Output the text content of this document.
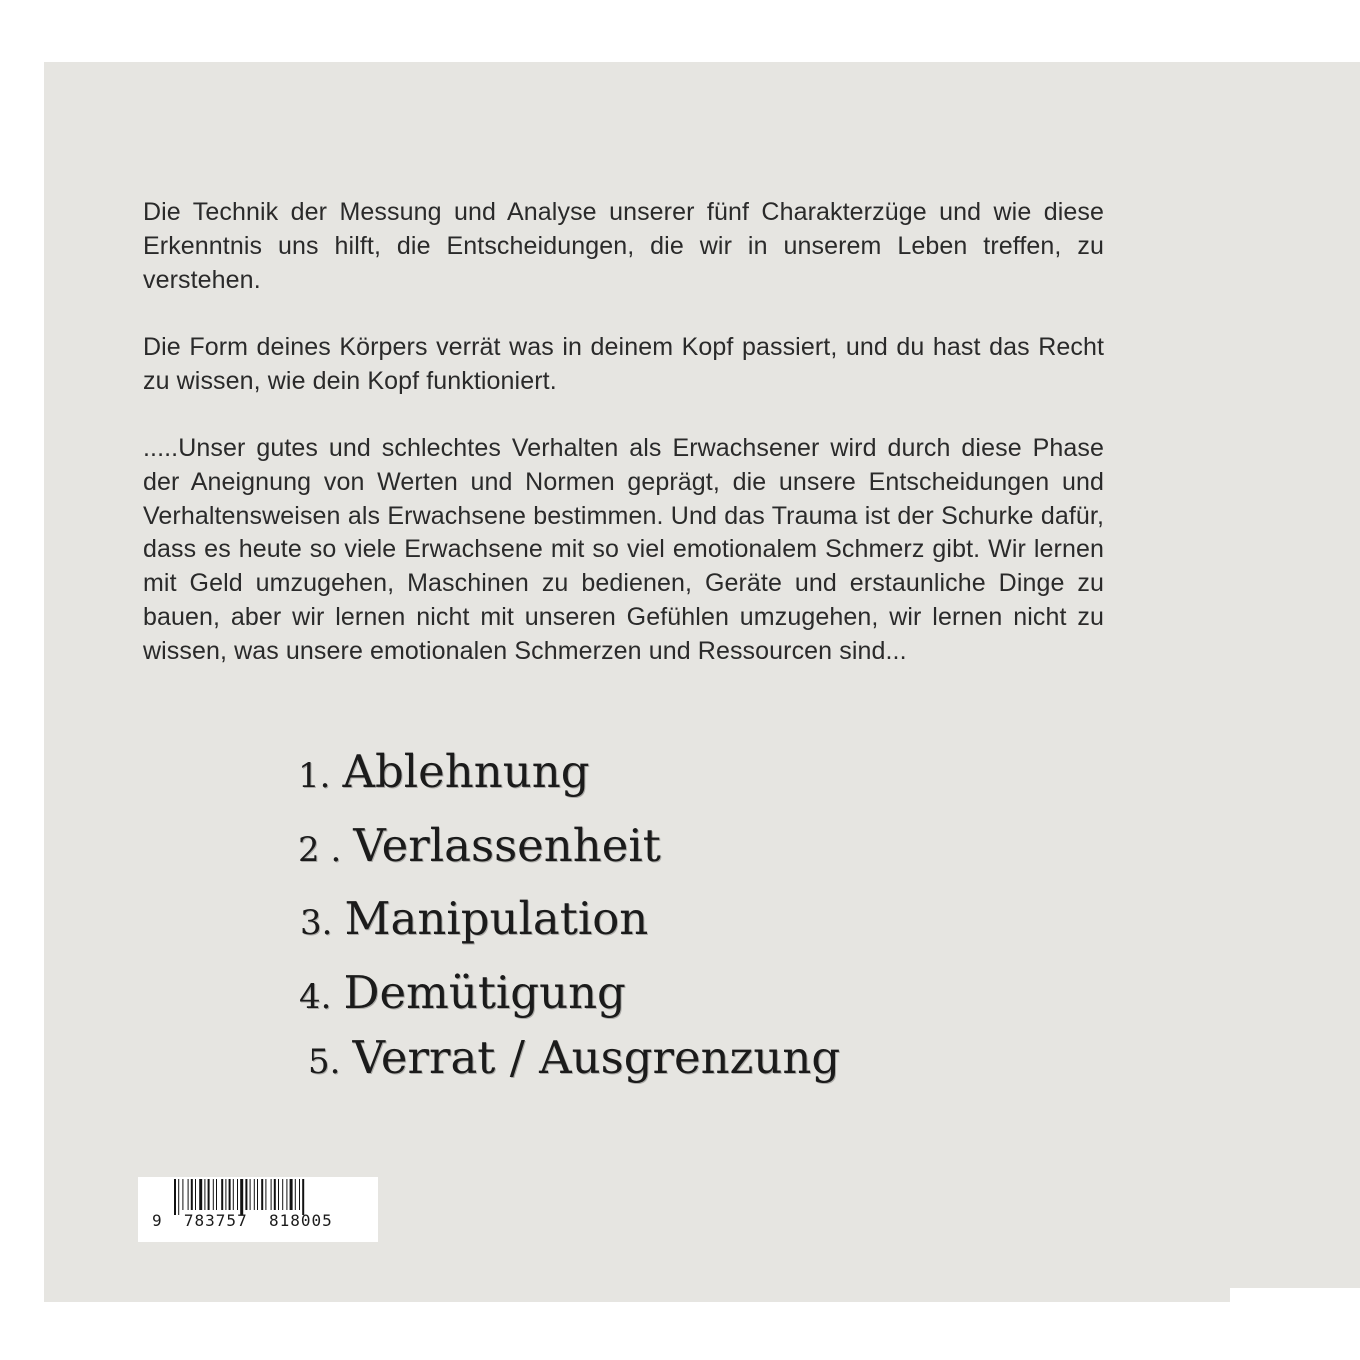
Die Technik der Messung und Analyse unserer fünf Charakterzüge und wie diese Erkenntnis uns hilft, die Entscheidungen, die wir in unserem Leben treffen, zu verstehen.

Die Form deines Körpers verrät was in deinem Kopf passiert, und du hast das Recht zu wissen, wie dein Kopf funktioniert.

.....Unser gutes und schlechtes Verhalten als Erwachsener wird durch diese Phase der Aneignung von Werten und Normen geprägt, die unsere Entscheidungen und Verhaltensweisen als Erwachsene bestimmen. Und das Trauma ist der Schurke dafür, dass es heute so viele Erwachsene mit so viel emotionalem Schmerz gibt. Wir lernen mit Geld umzugehen, Maschinen zu bedienen, Geräte und erstaunliche Dinge zu bauen, aber wir lernen nicht mit unseren Gefühlen umzugehen, wir lernen nicht zu wissen, was unsere emotionalen Schmerzen und Ressourcen sind...

1. Ablehnung
2 . Verlassenheit
3. Manipulation
4. Demütigung
5. Verrat / Ausgrenzung
9  783757  818005
